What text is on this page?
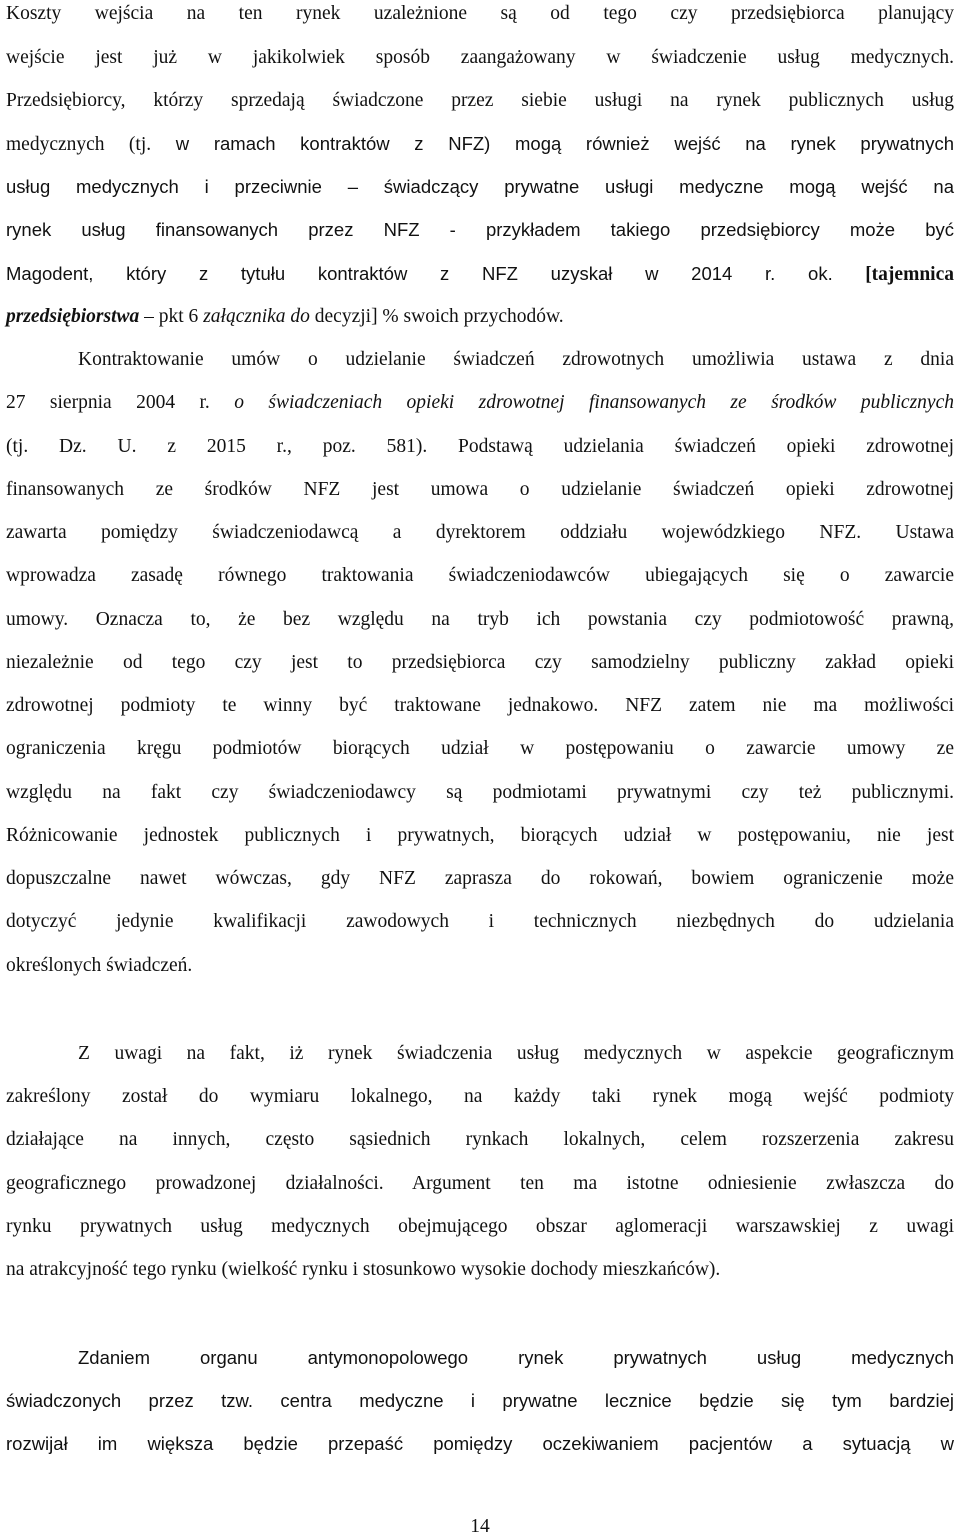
Koszty wejścia na ten rynek uzależnione są od tego czy przedsiębiorca planujący
wejście jest już w jakikolwiek sposób zaangażowany w świadczenie usług medycznych.
Przedsiębiorcy, którzy sprzedają świadczone przez siebie usługi na rynek publicznych usług
medycznych (tj. w ramach kontraktów z NFZ) mogą również wejść na rynek prywatnych
usług medycznych i przeciwnie – świadczący prywatne usługi medyczne mogą wejść na
rynek usług finansowanych przez NFZ - przykładem takiego przedsiębiorcy może być
Magodent, który z tytułu kontraktów z NFZ uzyskał w 2014 r. ok. [tajemnica
przedsiębiorstwa – pkt 6 załącznika do decyzji] % swoich przychodów.
Kontraktowanie umów o udzielanie świadczeń zdrowotnych umożliwia ustawa z dnia
27 sierpnia 2004 r. o świadczeniach opieki zdrowotnej finansowanych ze środków publicznych
(tj. Dz. U. z 2015 r., poz. 581). Podstawą udzielania świadczeń opieki zdrowotnej
finansowanych ze środków NFZ jest umowa o udzielanie świadczeń opieki zdrowotnej
zawarta pomiędzy świadczeniodawcą a dyrektorem oddziału wojewódzkiego NFZ. Ustawa
wprowadza zasadę równego traktowania świadczeniodawców ubiegających się o zawarcie
umowy. Oznacza to, że bez względu na tryb ich powstania czy podmiotowość prawną,
niezależnie od tego czy jest to przedsiębiorca czy samodzielny publiczny zakład opieki
zdrowotnej podmioty te winny być traktowane jednakowo. NFZ zatem nie ma możliwości
ograniczenia kręgu podmiotów biorących udział w postępowaniu o zawarcie umowy ze
względu na fakt czy świadczeniodawcy są podmiotami prywatnymi czy też publicznymi.
Różnicowanie jednostek publicznych i prywatnych, biorących udział w postępowaniu, nie jest
dopuszczalne nawet wówczas, gdy NFZ zaprasza do rokowań, bowiem ograniczenie może
dotyczyć jedynie kwalifikacji zawodowych i technicznych niezbędnych do udzielania
określonych świadczeń.
Z uwagi na fakt, iż rynek świadczenia usług medycznych w aspekcie geograficznym
zakreślony został do wymiaru lokalnego, na każdy taki rynek mogą wejść podmioty
działające na innych, często sąsiednich rynkach lokalnych, celem rozszerzenia zakresu
geograficznego prowadzonej działalności. Argument ten ma istotne odniesienie zwłaszcza do
rynku prywatnych usług medycznych obejmującego obszar aglomeracji warszawskiej z uwagi
na atrakcyjność tego rynku (wielkość rynku i stosunkowo wysokie dochody mieszkańców).
Zdaniem organu antymonopolowego rynek prywatnych usług medycznych
świadczonych przez tzw. centra medyczne i prywatne lecznice będzie się tym bardziej
rozwijał im większa będzie przepaść pomiędzy oczekiwaniem pacjentów a sytuacją w
14
